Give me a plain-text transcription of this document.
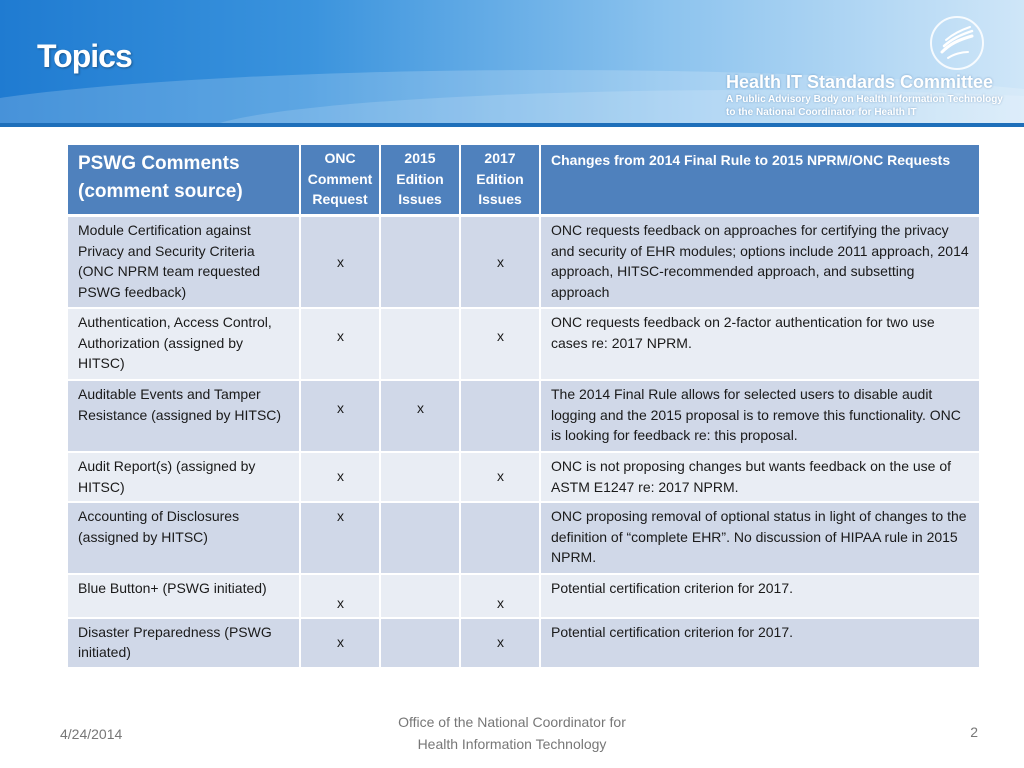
Topics
Health IT Standards Committee
A Public Advisory Body on Health Information Technology
to the National Coordinator for Health IT
PSWG Comments (comment source)	ONC Comment Request	2015 Edition Issues	2017 Edition Issues	Changes from 2014 Final Rule to 2015 NPRM/ONC Requests
Module Certification against Privacy and Security Criteria (ONC NPRM team requested PSWG feedback)	x		x	ONC requests feedback on approaches for certifying the privacy and security of EHR modules; options include 2011 approach, 2014 approach, HITSC-recommended approach, and subsetting approach
Authentication, Access Control, Authorization (assigned by HITSC)	x		x	ONC requests feedback on 2-factor authentication for two use cases re: 2017 NPRM.
Auditable Events and Tamper Resistance (assigned by HITSC)	x	x		The 2014 Final Rule allows for selected users to disable audit logging and the 2015 proposal is to remove this functionality. ONC is looking for feedback re: this proposal.
Audit Report(s) (assigned by HITSC)	x		x	ONC is not proposing changes but wants feedback on the use of ASTM E1247 re: 2017 NPRM.
Accounting of Disclosures (assigned by HITSC)	x			ONC proposing removal of optional status in light of changes to the definition of “complete EHR”. No discussion of HIPAA rule in 2015 NPRM.
Blue Button+ (PSWG initiated)	x		x	Potential certification criterion for 2017.
Disaster Preparedness (PSWG initiated)	x		x	Potential certification criterion for 2017.
4/24/2014
Office of the National Coordinator for
Health Information Technology
2
